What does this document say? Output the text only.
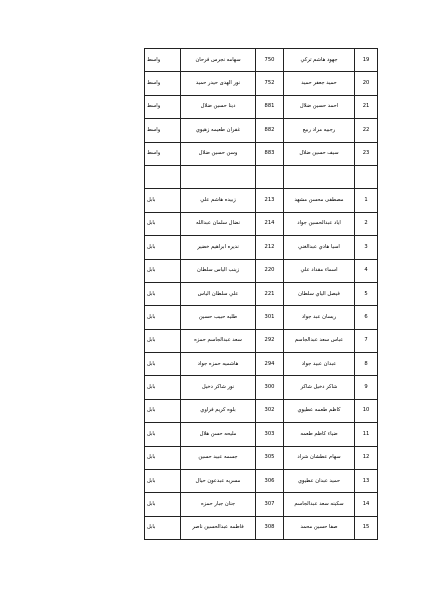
واسط	سهامه نجرس فرحان	750	جهود هاشم تركي	19
واسط	نور الهدى حيدر حميد	752	حميد جعفر حميد	20
واسط	دينا حسين ضلال	881	احمد حسين ضلال	21
واسط	غفران طعيمه زهيوي	882	رجبيه مراد ربيع	22
واسط	وسن حسين ضلال	883	سيف حسين ضلال	23

بابل	زبيده هاشم علي	213	مصطفى محسن مشهد	1
بابل	نضال سلمان عبدالله	214	اياد عبدالحسين جواد	2
بابل	نديره ابراهيم خضير	212	اسيا هادي عبدالغني	3
بابل	زينب الياس سلطان	220	اسماء مقداد علي	4
بابل	علي سلطان الياس	221	فيصل الياي سلطان	5
بابل	طليه حبيب حسين	301	ريسان عبد جواد	6
بابل	سعد عبدالجاسم حمزه	292	عباس سعد عبدالجاسم	7
بابل	هاشميه حمزه جواد	294	عبدان عبيد جواد	8
بابل	نور شاكر دخيل	300	شاكر دخيل شاكر	9
بابل	بلوه كريم فراوي	302	كاظم طعمه عطيوي	10
بابل	مليحه حسن هلال	303	ضياء كاظم طعمه	11
بابل	جسمه عبيد حسين	305	سهام عطشان شراد	12
بابل	مسريه عبدعون حيال	306	حميد عبدان عطيوي	13
بابل	جنان جبار حمزه	307	سكينه سعد عبدالجاسم	14
بابل	فاطمه عبدالحسين ناصر	308	صفا حسين محمد	15
